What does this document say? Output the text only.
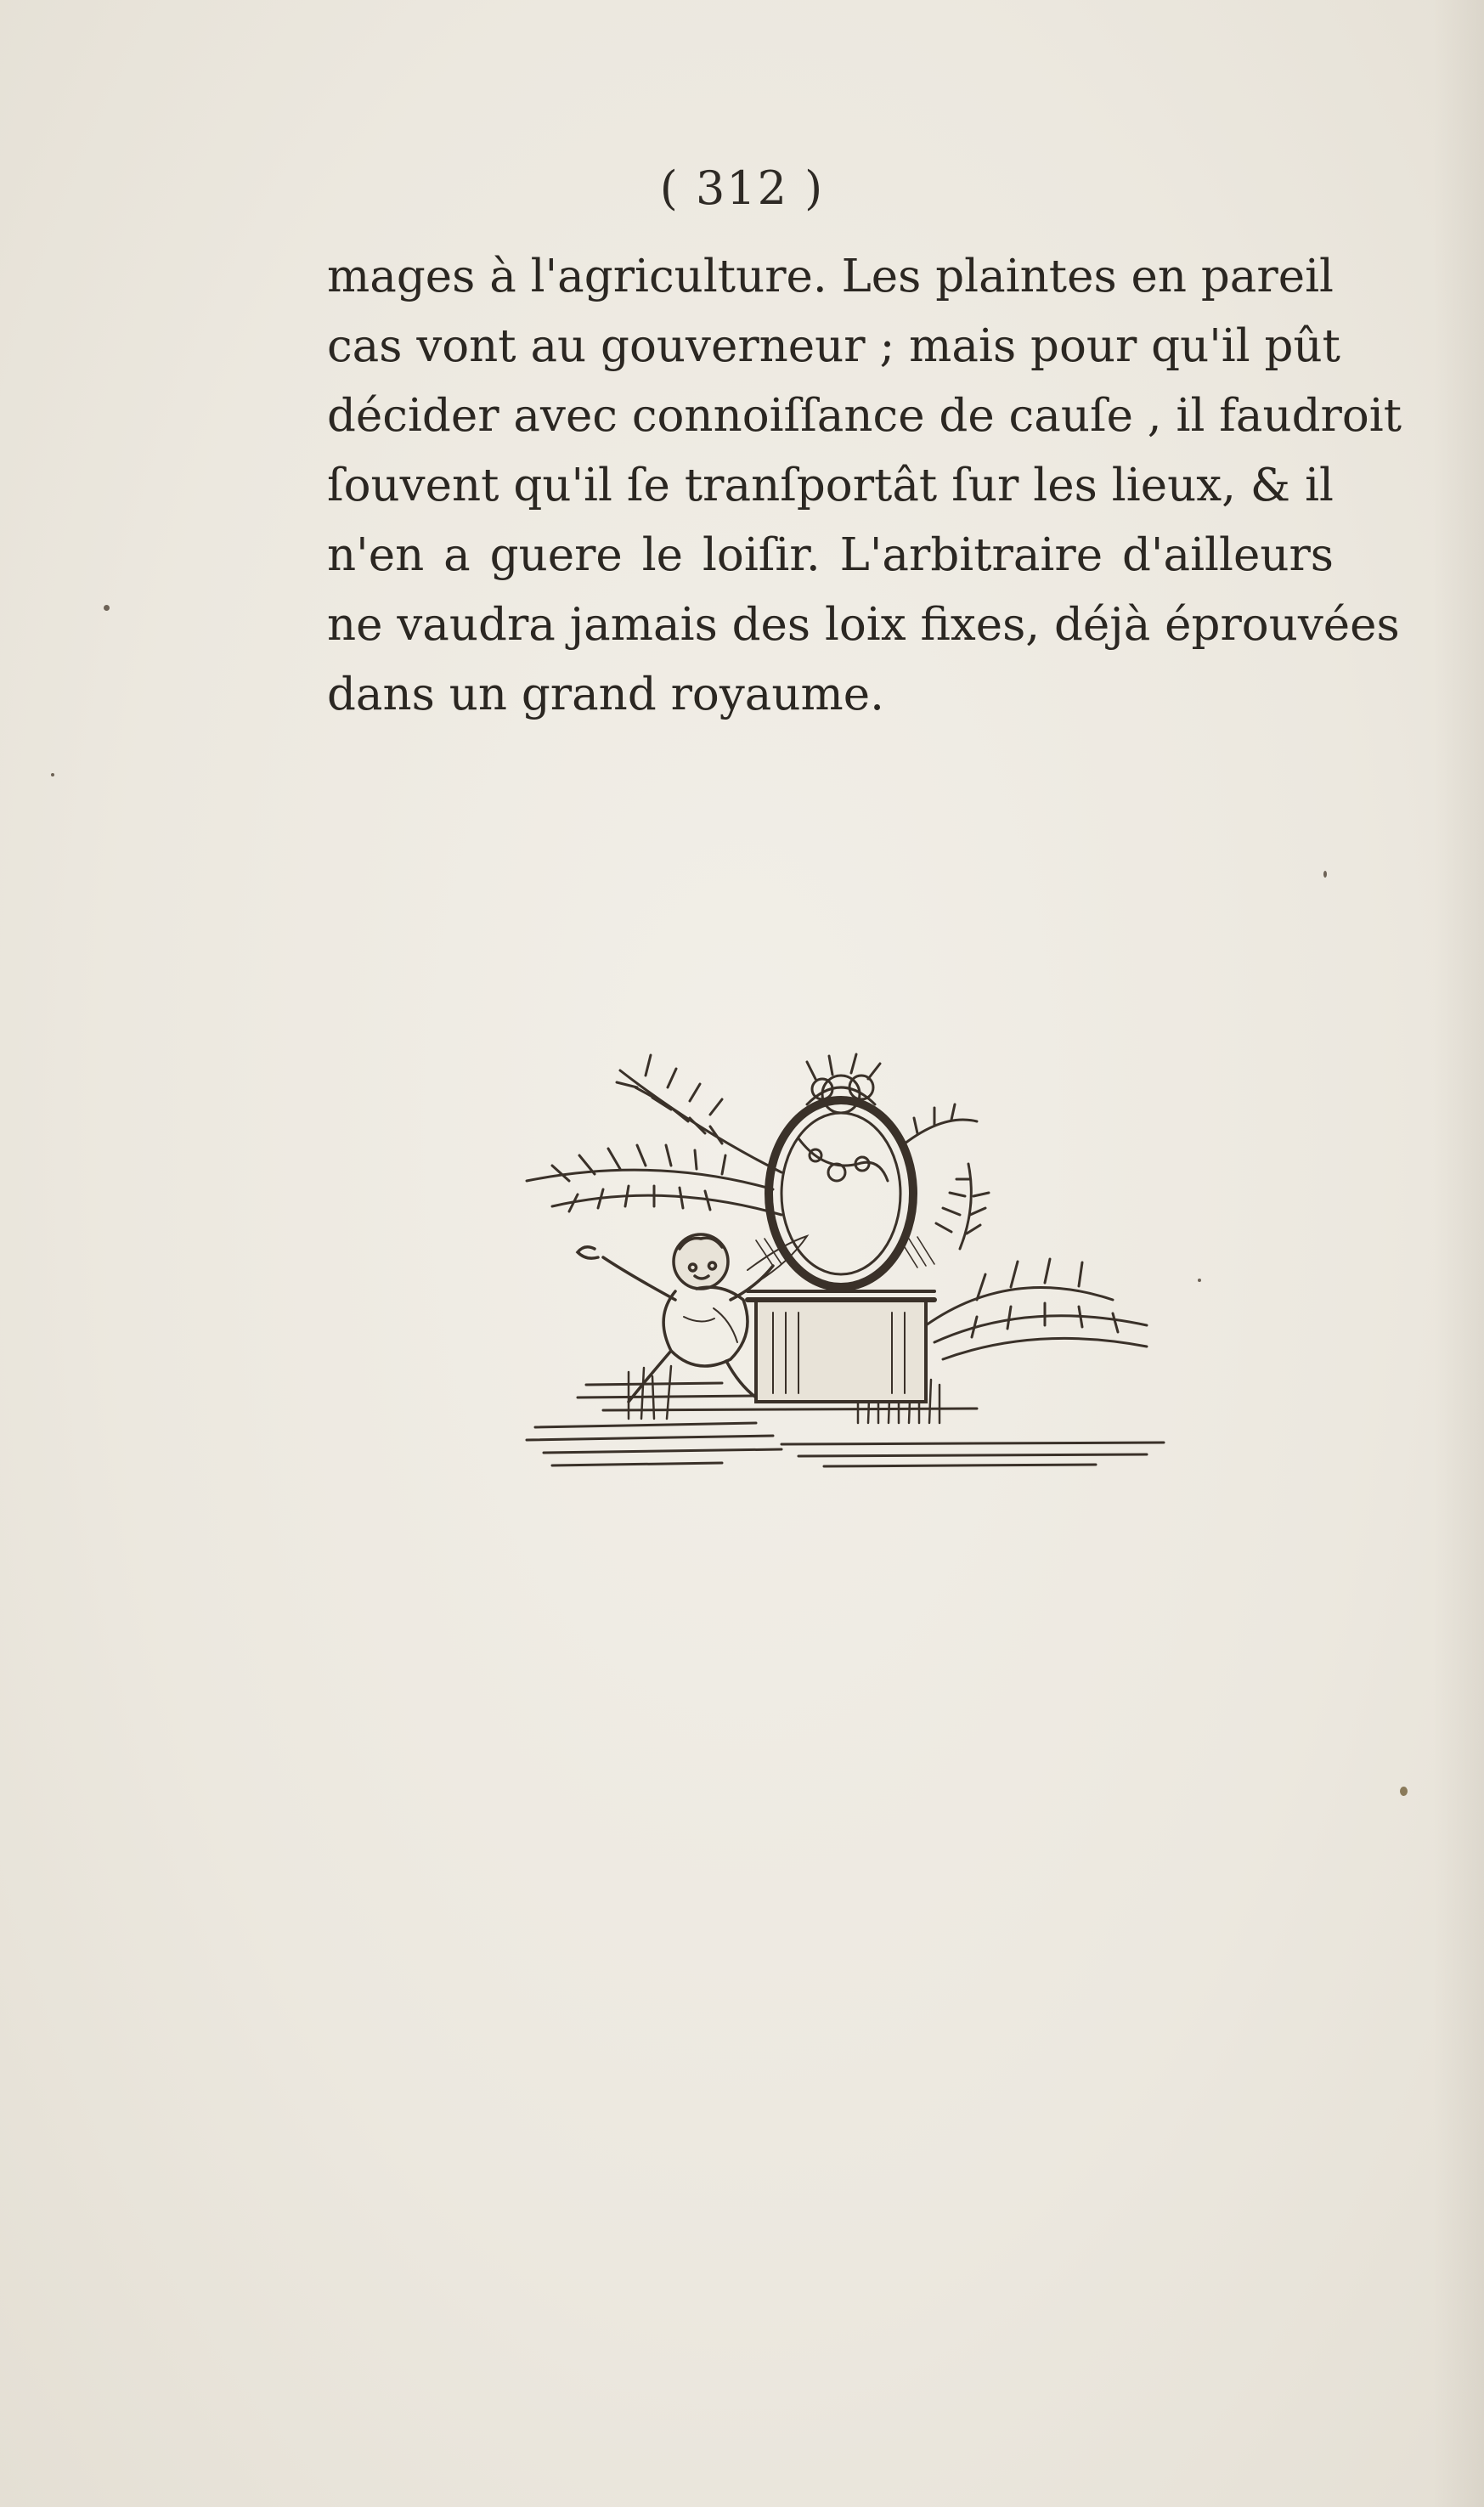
( 312 )
mages à l'agriculture. Les plaintes en pareil
cas vont au gouverneur ; mais pour qu'il pût
décider avec connoiſſance de cauſe , il faudroit
ſouvent qu'il ſe tranſportât ſur les lieux, & il
n'en a guere le loiſir. L'arbitraire d'ailleurs
ne vaudra jamais des loix fixes, déjà éprouvées
dans un grand royaume.
